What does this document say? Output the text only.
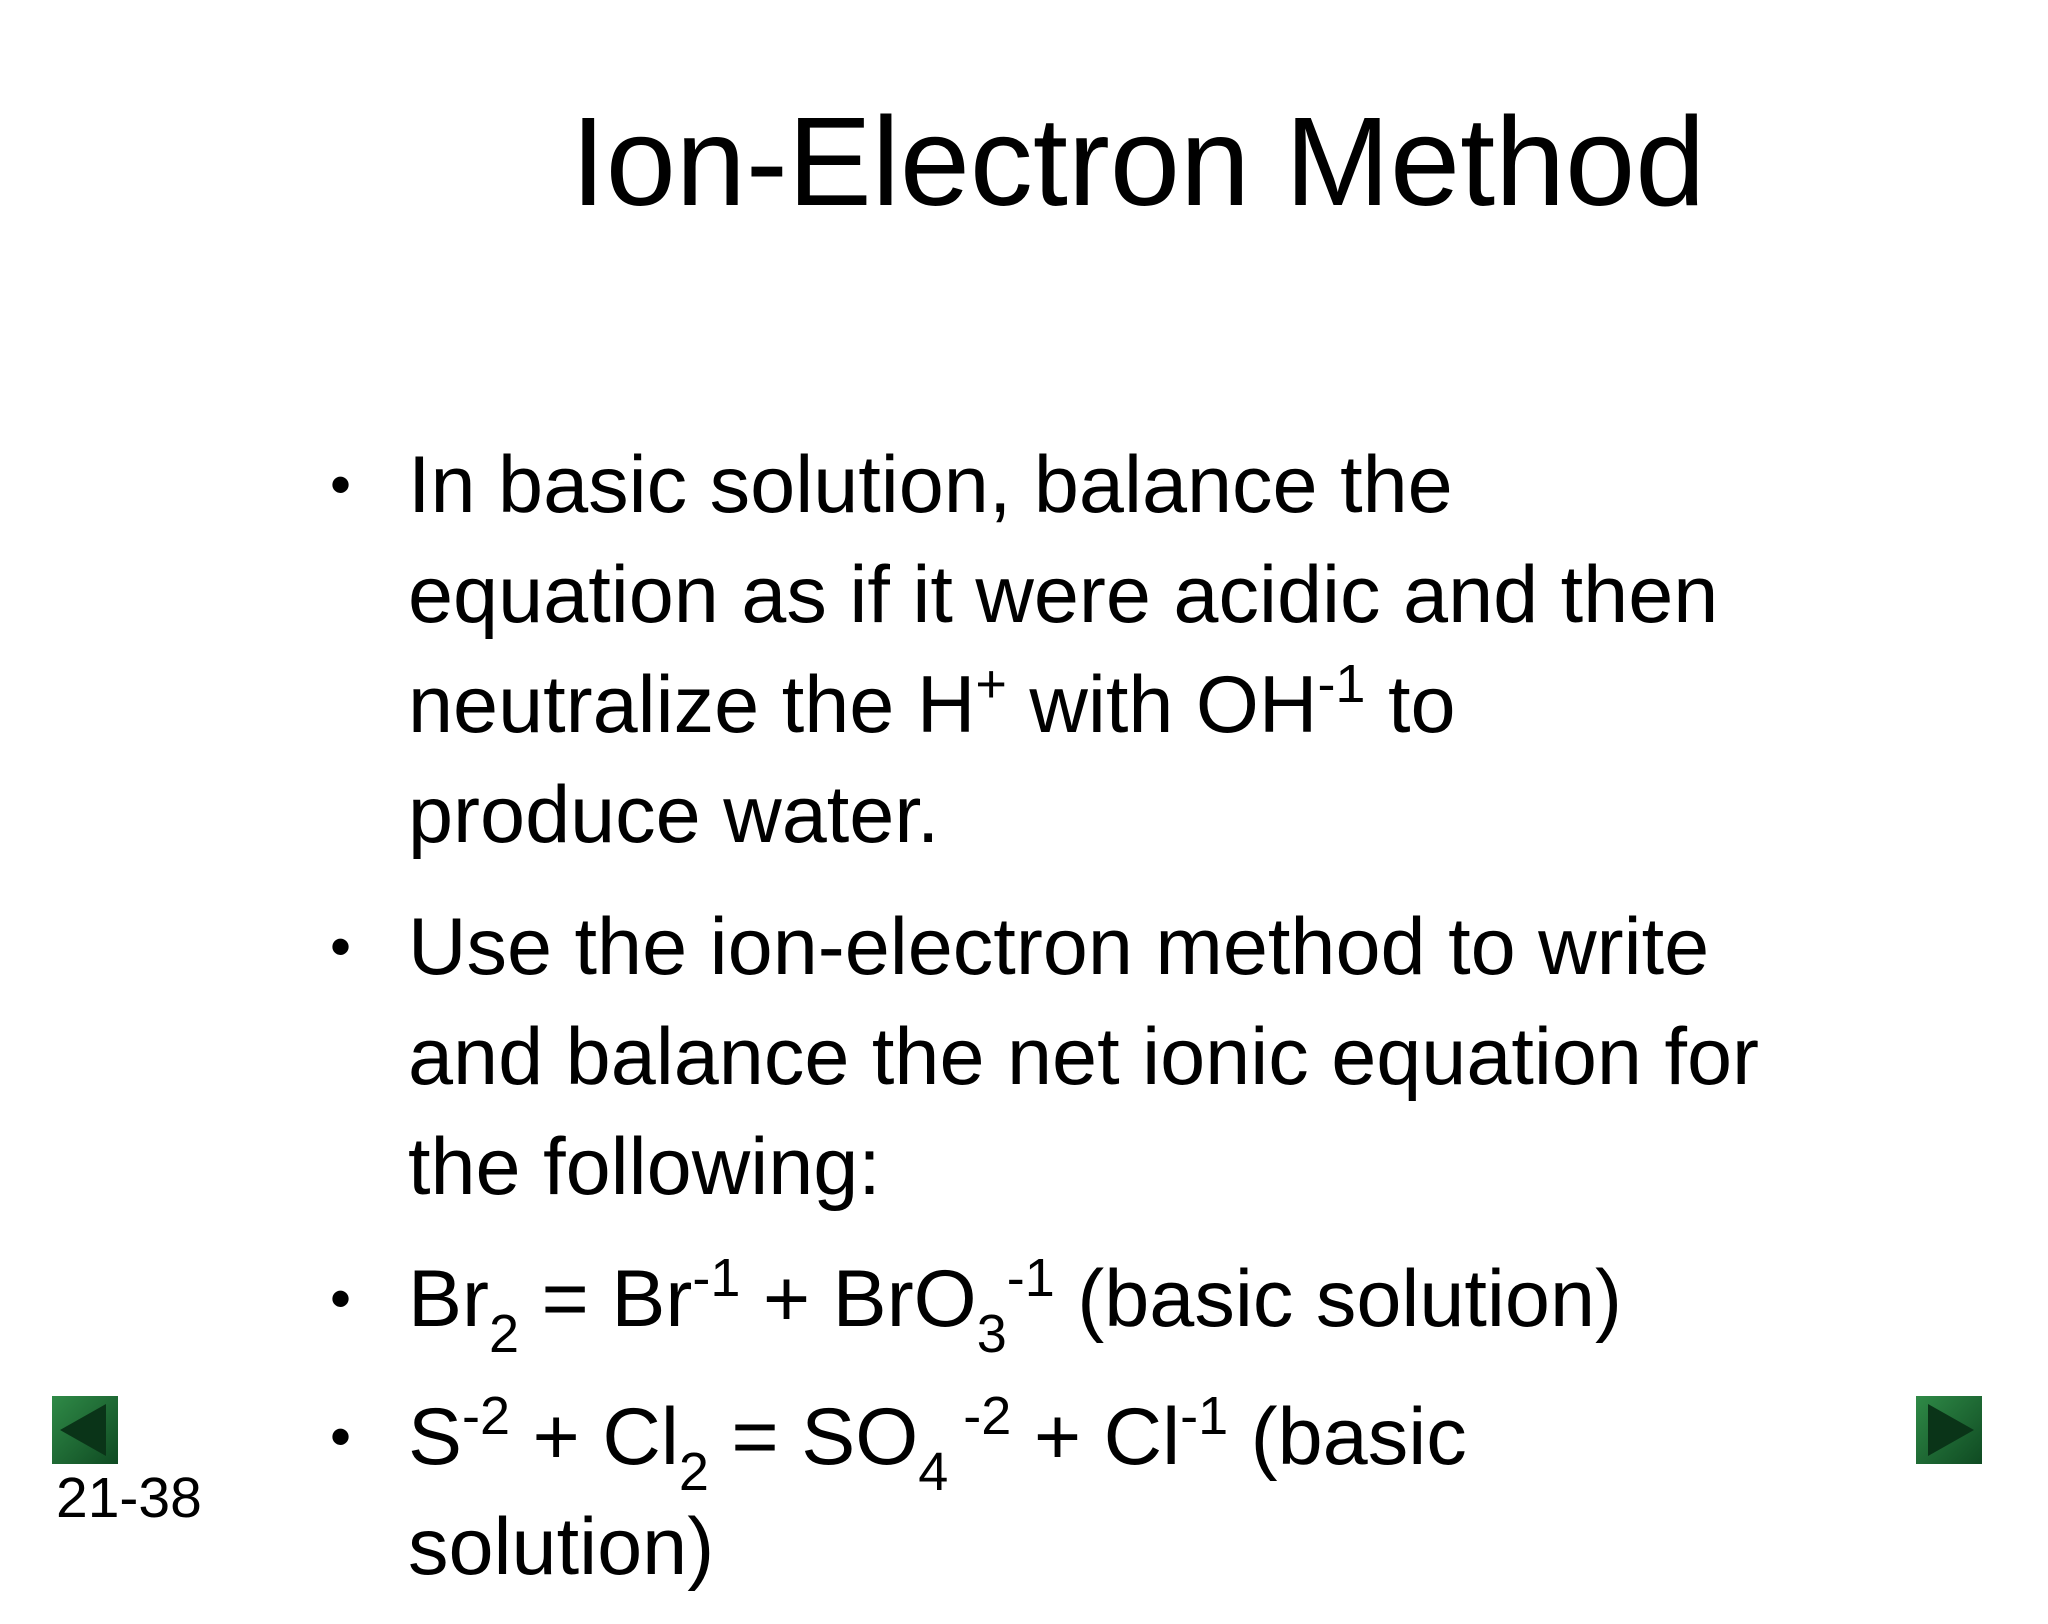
Ion-Electron Method
• In basic solution, balance the
equation as if it were acidic and then
neutralize the H+ with $OH^{-1}$ to
produce water.
• Use the ion-electron method to write
and balance the net ionic equation for
the following:
• $Br_2 = Br^{-1} + BrO_3^{-1}$ (basic solution)
• $S^{-2} + Cl_2 = SO_4$ $^{-2} + Cl^{-1}$ (basic
solution)
21-38
